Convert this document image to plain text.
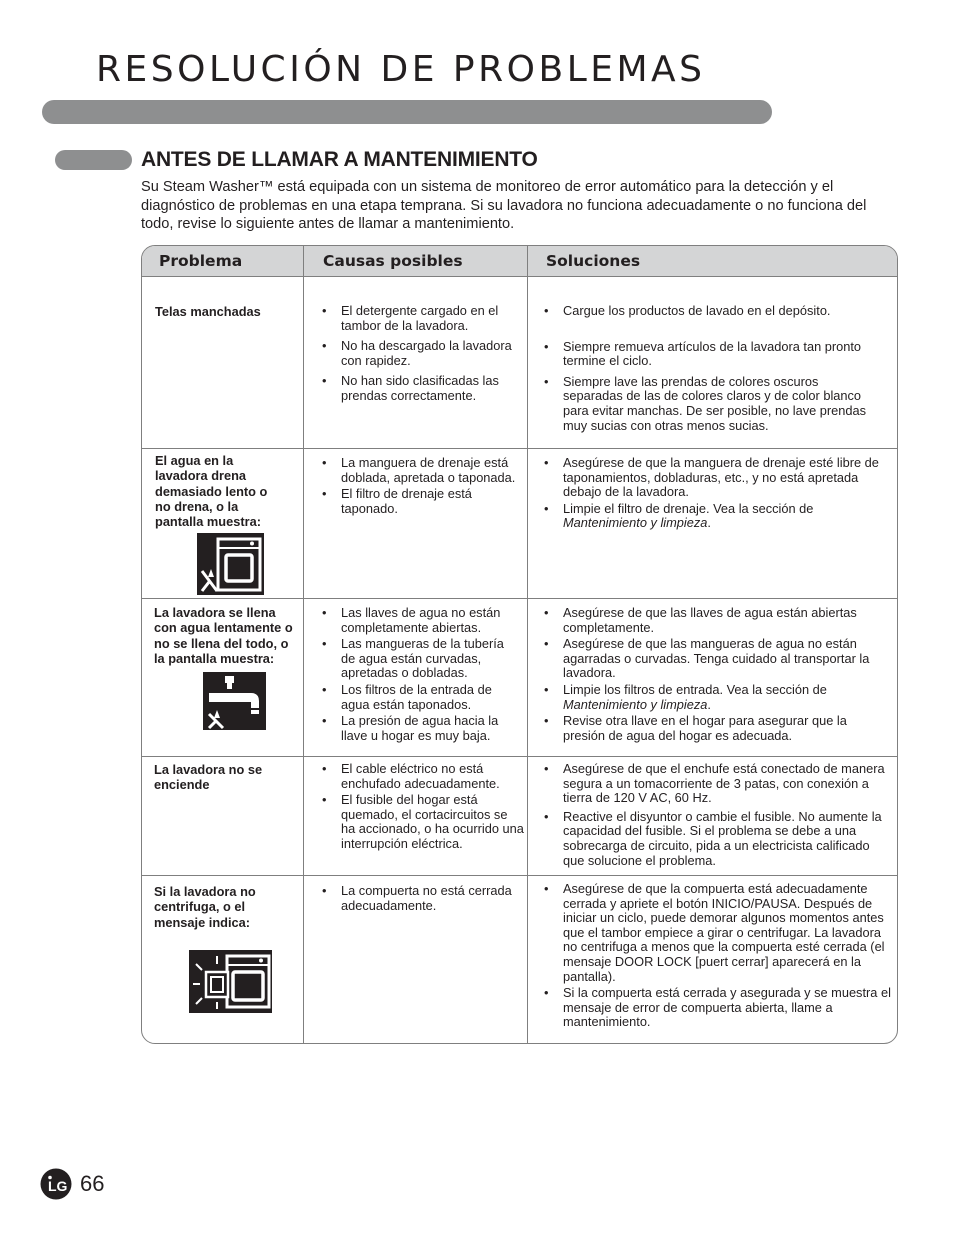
RESOLUCIÓN DE PROBLEMAS
ANTES DE LLAMAR A MANTENIMIENTO

Su Steam Washer™ está equipada con un sistema de monitoreo de error automático para la detección y el diagnóstico de problemas en una etapa temprana. Si su lavadora no funciona adecuadamente o no funciona del todo, revise lo siguiente antes de llamar a mantenimiento.

Problema	Causas posibles	Soluciones
Telas manchadas
•	El detergente cargado en el tambor de la lavadora.
• No ha descargado la lavadora con rapidez.
• No han sido clasificadas las prendas correctamente.
• Cargue los productos de lavado en el depósito.
• Siempre remueva artículos de la lavadora tan pronto termine el ciclo.
• Siempre lave las prendas de colores oscuros separadas de las de colores claros y de color blanco para evitar manchas. De ser posible, no lave prendas muy sucias con otras menos sucias.
El agua en la lavadora drena demasiado lento o no drena, o la pantalla muestra:
• La manguera de drenaje está doblada, apretada o taponada.
• El filtro de drenaje está taponado.
• Asegúrese de que la manguera de drenaje esté libre de taponamientos, dobladuras, etc., y no está apretada debajo de la lavadora.
• Limpie el filtro de drenaje. Vea la sección de Mantenimiento y limpieza.
La lavadora se llena con agua lentamente o no se llena del todo, o la pantalla muestra:
• Las llaves de agua no están completamente abiertas.
• Las mangueras de la tubería de agua están curvadas, apretadas o dobladas.
• Los filtros de la entrada de agua están taponados.
• La presión de agua hacia la llave u hogar es muy baja.
• Asegúrese de que las llaves de agua están abiertas completamente.
• Asegúrese de que las mangueras de agua no están agarradas o curvadas. Tenga cuidado al transportar la lavadora.
• Limpie los filtros de entrada. Vea la sección de Mantenimiento y limpieza.
• Revise otra llave en el hogar para asegurar que la presión de agua del hogar es adecuada.
La lavadora no se enciende
• El cable eléctrico no está enchufado adecuadamente.
• El fusible del hogar está quemado, el cortacircuitos se ha accionado, o ha ocurrido una interrupción eléctrica.
• Asegúrese de que el enchufe está conectado de manera segura a un tomacorriente de 3 patas, con conexión a tierra de 120 V AC, 60 Hz.
• Reactive el disyuntor o cambie el fusible. No aumente la capacidad del fusible. Si el problema se debe a una sobrecarga de circuito, pida a un electricista calificado que solucione el problema.
Si la lavadora no centrifuga, o el mensaje indica:
• La compuerta no está cerrada adecuadamente.
• Asegúrese de que la compuerta está adecuadamente cerrada y apriete el botón INICIO/PAUSA. Después de iniciar un ciclo, puede demorar algunos momentos antes que el tambor empiece a girar o centrifugar. La lavadora no centrifuga a menos que la compuerta esté cerrada (el mensaje DOOR LOCK [puert cerrar] aparecerá en la pantalla).
• Si la compuerta está cerrada y asegurada y se muestra el mensaje de error de compuerta abierta, llame a mantenimiento.
LG 66
